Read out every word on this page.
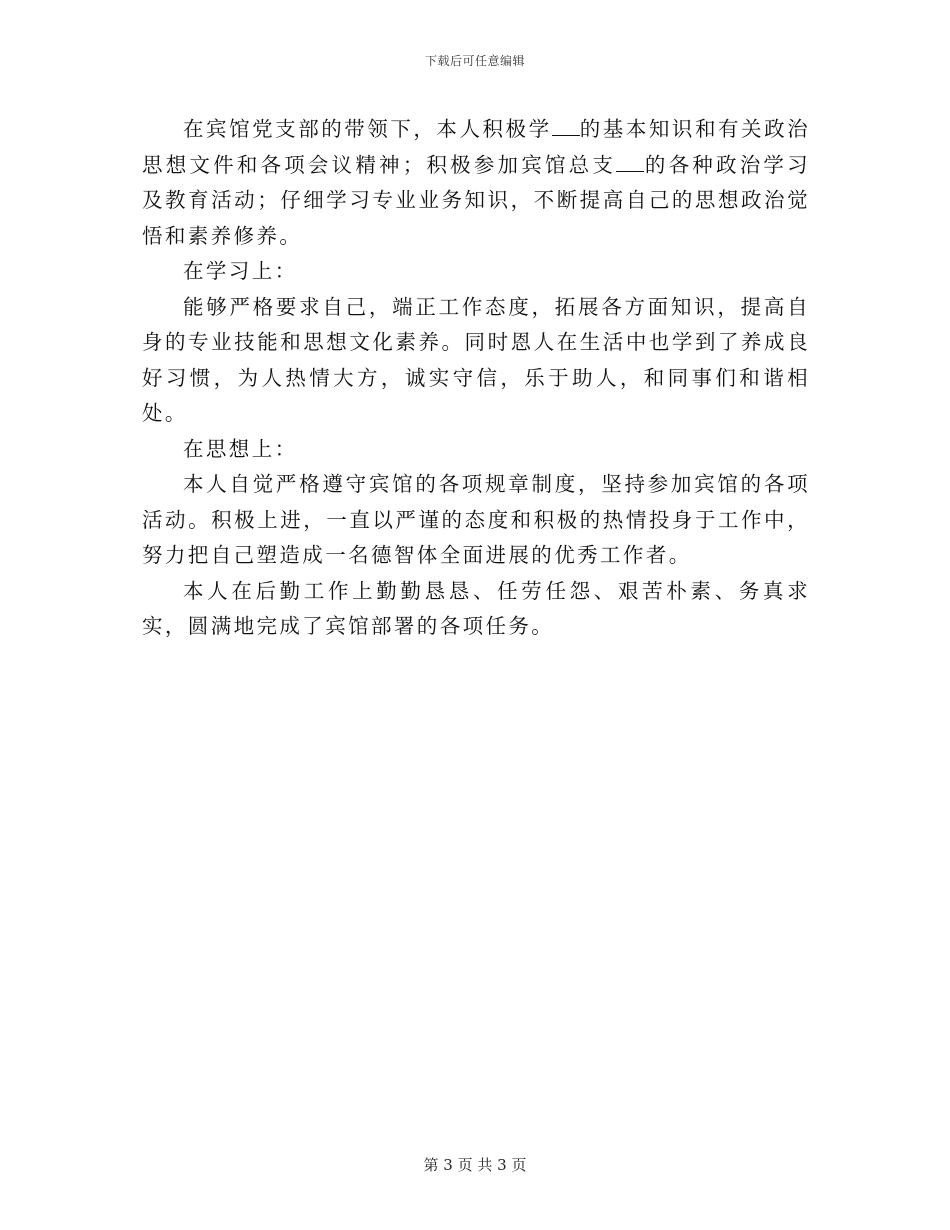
下载后可任意编辑

在宾馆党支部的带领下，本人积极学 的基本知识和有关政治思想文件和各项会议精神；积极参加宾馆总支 的各种政治学习及教育活动；仔细学习专业业务知识，不断提高自己的思想政治觉悟和素养修养。

在学习上：

能够严格要求自己，端正工作态度，拓展各方面知识，提高自身的专业技能和思想文化素养。同时恩人在生活中也学到了养成良好习惯，为人热情大方，诚实守信，乐于助人，和同事们和谐相处。

在思想上：

本人自觉严格遵守宾馆的各项规章制度，坚持参加宾馆的各项活动。积极上进，一直以严谨的态度和积极的热情投身于工作中，努力把自己塑造成一名德智体全面进展的优秀工作者。

本人在后勤工作上勤勤恳恳、任劳任怨、艰苦朴素、务真求实，圆满地完成了宾馆部署的各项任务。

第 3 页 共 3 页
